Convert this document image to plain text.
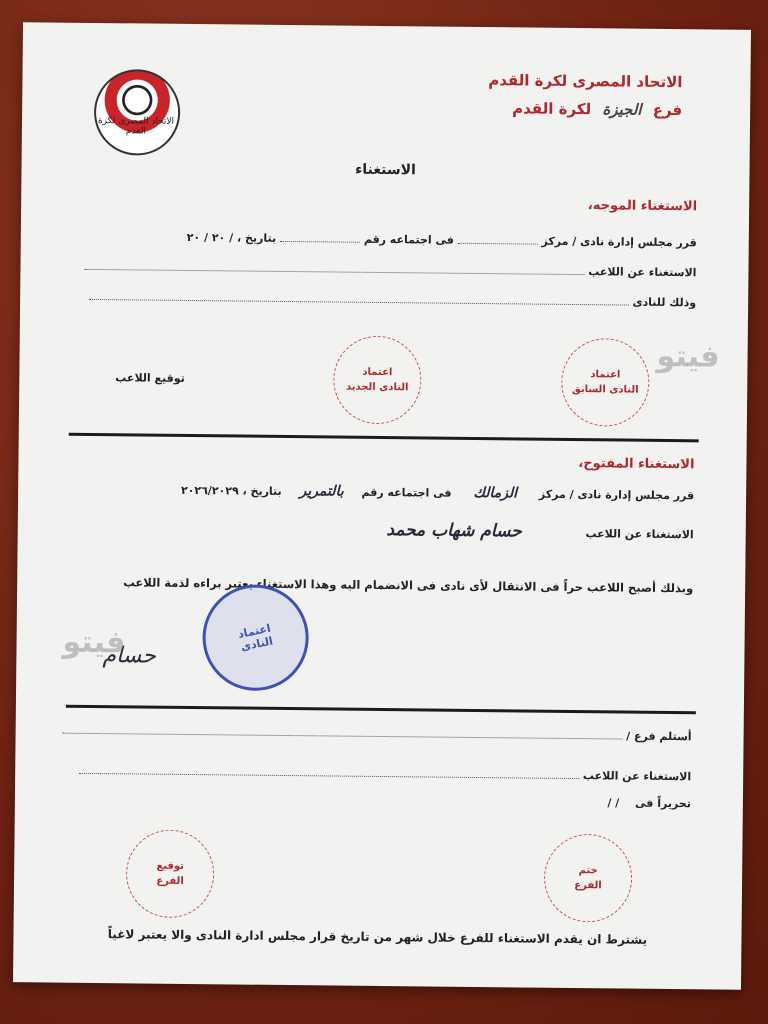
الاتحاد المصرى لكرة القدم
الاتحاد المصرى لكرة القدم
فرع الجيزة لكرة القدم
الاستغناء
الاستغناء الموجه،
قرر مجلس إدارة نادى / مركز  فى اجتماعه رقم  بتاريخ ، / ٢٠ / ٢٠
الاستغناء عن اللاعب
وذلك للنادى
اعتماد
النادى السابق
اعتماد
النادى الجديد
توقيع اللاعب
فيتو
الاستغناء المفتوح،
قرر مجلس إدارة نادى / مركز الزمالك فى اجتماعه رقم بالتمرير بتاريخ ، ٢٠٢٦/٢٠٢٩
الاستغناء عن اللاعب حسام شهاب محمد
وبذلك أصبح اللاعب حراً فى الانتقال لأى نادى فى الانضمام اليه وهذا الاستغناء يعتبر براءه لذمة اللاعب
اعتماد
النادى
حسام
فيتو
أستلم فرع /
الاستغناء عن اللاعب
تحريراً فى / /
ختم
الفرع
توقيع
الفرع
يشترط ان يقدم الاستغناء للفرع خلال شهر من تاريخ قرار مجلس ادارة النادى والا يعتبر لاغياً
